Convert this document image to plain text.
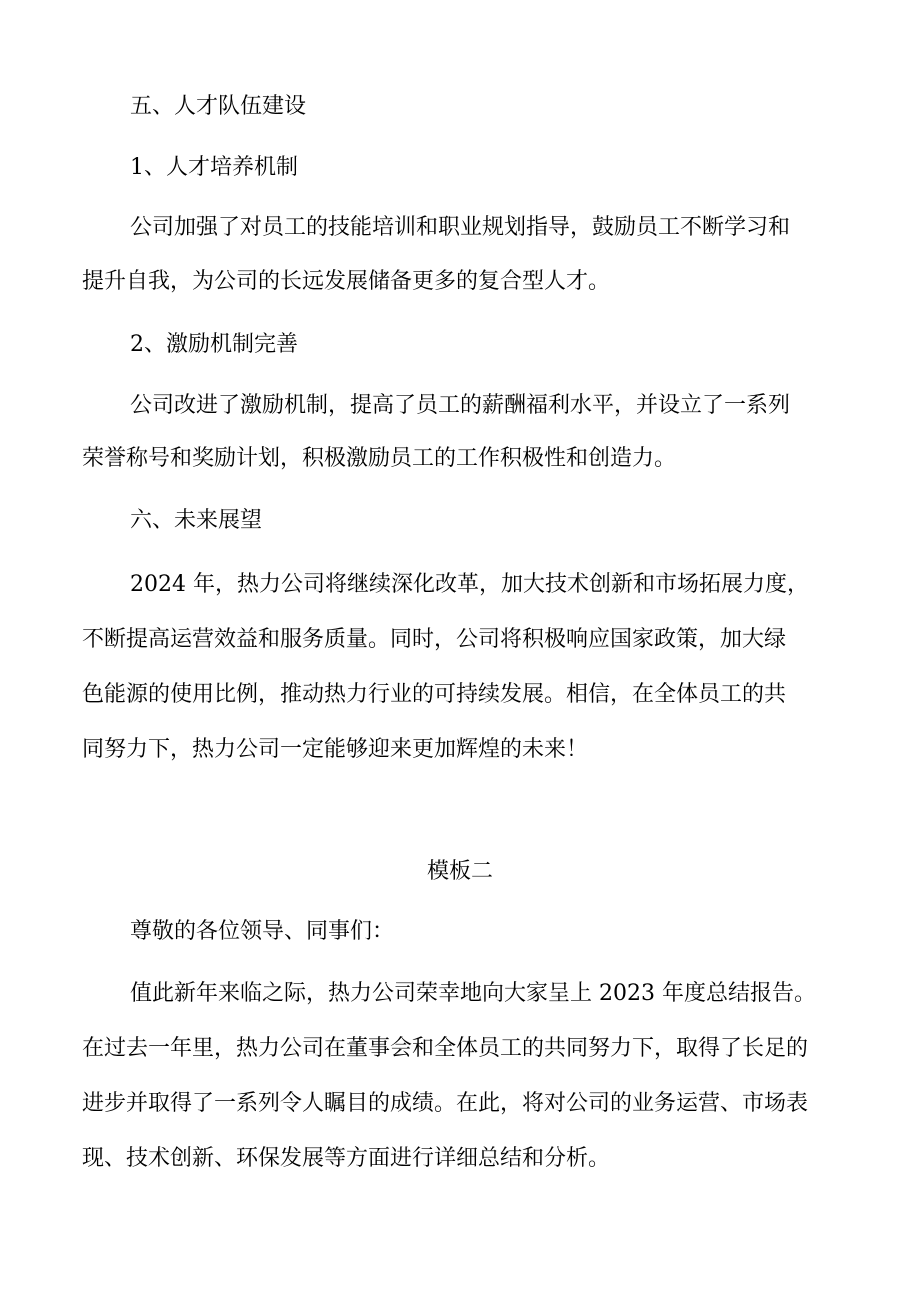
五、人才队伍建设

1、人才培养机制

公司加强了对员工的技能培训和职业规划指导，鼓励员工不断学习和

提升自我，为公司的长远发展储备更多的复合型人才。

2、激励机制完善

公司改进了激励机制，提高了员工的薪酬福利水平，并设立了一系列

荣誉称号和奖励计划，积极激励员工的工作积极性和创造力。

六、未来展望

2024 年，热力公司将继续深化改革，加大技术创新和市场拓展力度，

不断提高运营效益和服务质量。同时，公司将积极响应国家政策，加大绿

色能源的使用比例，推动热力行业的可持续发展。相信，在全体员工的共

同努力下，热力公司一定能够迎来更加辉煌的未来！

模板二

尊敬的各位领导、同事们：

值此新年来临之际，热力公司荣幸地向大家呈上 2023 年度总结报告。

在过去一年里，热力公司在董事会和全体员工的共同努力下，取得了长足的

进步并取得了一系列令人瞩目的成绩。在此，将对公司的业务运营、市场表

现、技术创新、环保发展等方面进行详细总结和分析。
